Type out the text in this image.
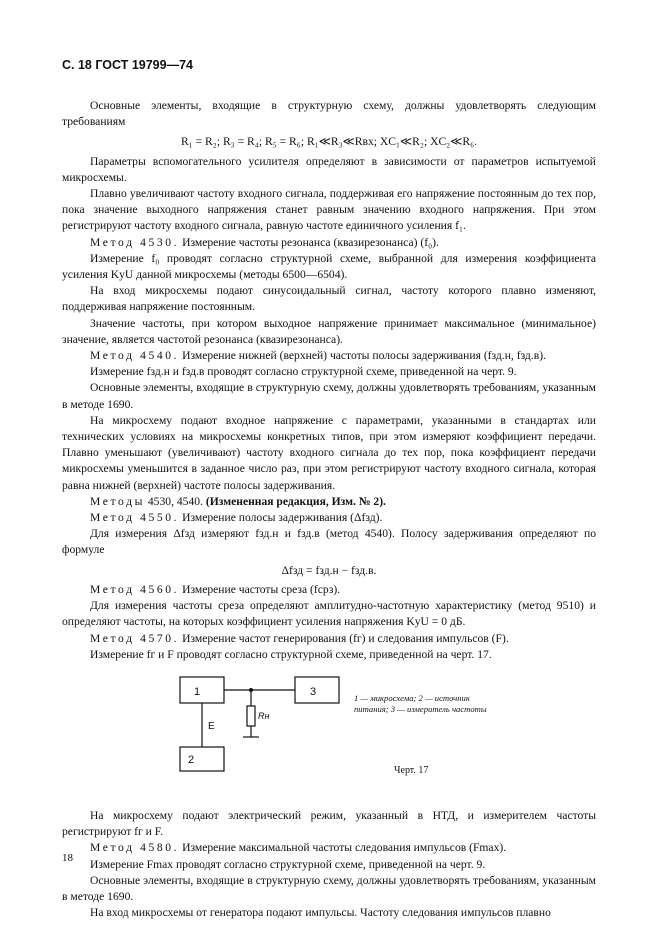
С. 18 ГОСТ 19799—74

Основные элементы, входящие в структурную схему, должны удовлетворять следующим требованиям

R₁ = R₂; R₃ = R₄; R₅ = R₆; R₁≪R₃≪Rвх; XC₁≪R₂; XC₂≪R₆.

Параметры вспомогательного усилителя определяют в зависимости от параметров испытуемой микросхемы.

Плавно увеличивают частоту входного сигнала, поддерживая его напряжение постоянным до тех пор, пока значение выходного напряжения станет равным значению входного напряжения. При этом регистрируют частоту входного сигнала, равную частоте единичного усиления f₁.

Метод 4530. Измерение частоты резонанса (квазирезонанса) (f₀).

Измерение f₀ проводят согласно структурной схеме, выбранной для измерения коэффициента усиления KyU данной микросхемы (методы 6500—6504).

На вход микросхемы подают синусоидальный сигнал, частоту которого плавно изменяют, поддерживая напряжение постоянным.

Значение частоты, при котором выходное напряжение принимает максимальное (минимальное) значение, является частотой резонанса (квазирезонанса).

Метод 4540. Измерение нижней (верхней) частоты полосы задерживания (fзд.н, fзд.в).

Измерение fзд.н и fзд.в проводят согласно структурной схеме, приведенной на черт. 9.

Основные элементы, входящие в структурную схему, должны удовлетворять требованиям, указанным в методе 1690.

На микросхему подают входное напряжение с параметрами, указанными в стандартах или технических условиях на микросхемы конкретных типов, при этом измеряют коэффициент передачи. Плавно уменьшают (увеличивают) частоту входного сигнала до тех пор, пока коэффициент передачи микросхемы уменьшится в заданное число раз, при этом регистрируют частоту входного сигнала, которая равна нижней (верхней) частоте полосы задерживания.

Методы 4530, 4540. (Измененная редакция, Изм. № 2).

Метод 4550. Измерение полосы задерживания (Δfзд).

Для измерения Δfзд измеряют fзд.н и fзд.в (метод 4540). Полосу задерживания определяют по формуле

Δfзд = fзд.н − fзд.в.

Метод 4560. Измерение частоты среза (fсрз).

Для измерения частоты среза определяют амплитудно-частотную характеристику (метод 9510) и определяют частоты, на которых коэффициент усиления напряжения KyU = 0 дБ.

Метод 4570. Измерение частот генерирования (fг) и следования импульсов (F).

Измерение fг и F проводят согласно структурной схеме, приведенной на черт. 17.

1	3
2
E
Rн
1 — микросхема; 2 — источник питания; 3 — измеритель частоты
Черт. 17

На микросхему подают электрический режим, указанный в НТД, и измерителем частоты регистрируют fг и F.

Метод 4580. Измерение максимальной частоты следования импульсов (Fmax).

Измерение Fmax проводят согласно структурной схеме, приведенной на черт. 9.

Основные элементы, входящие в структурную схему, должны удовлетворять требованиям, указанным в методе 1690.

На вход микросхемы от генератора подают импульсы. Частоту следования импульсов плавно

18
